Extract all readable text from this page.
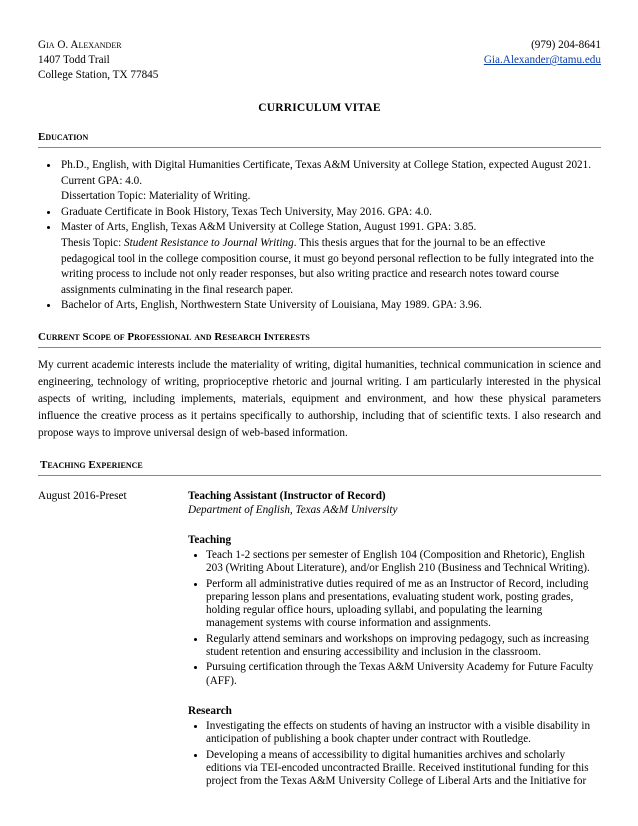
Gia O. Alexander	(979) 204-8641
1407 Todd Trail	Gia.Alexander@tamu.edu
College Station, TX 77845
CURRICULUM VITAE
Education
• Ph.D., English, with Digital Humanities Certificate, Texas A&M University at College Station, expected August 2021. Current GPA: 4.0.
Dissertation Topic: Materiality of Writing.
• Graduate Certificate in Book History, Texas Tech University, May 2016. GPA: 4.0.
• Master of Arts, English, Texas A&M University at College Station, August 1991. GPA: 3.85.
Thesis Topic: Student Resistance to Journal Writing. This thesis argues that for the journal to be an effective pedagogical tool in the college composition course, it must go beyond personal reflection to be fully integrated into the writing process to include not only reader responses, but also writing practice and research notes toward course assignments culminating in the final research paper.
• Bachelor of Arts, English, Northwestern State University of Louisiana, May 1989. GPA: 3.96.
Current Scope of Professional and Research Interests
My current academic interests include the materiality of writing, digital humanities, technical communication in science and engineering, technology of writing, proprioceptive rhetoric and journal writing. I am particularly interested in the physical aspects of writing, including implements, materials, equipment and environment, and how these physical parameters influence the creative process as it pertains specifically to authorship, including that of scientific texts. I also research and propose ways to improve universal design of web-based information.
Teaching Experience
August 2016-Preset	Teaching Assistant (Instructor of Record)
Department of English, Texas A&M University
Teaching
• Teach 1-2 sections per semester of English 104 (Composition and Rhetoric), English 203 (Writing About Literature), and/or English 210 (Business and Technical Writing).
• Perform all administrative duties required of me as an Instructor of Record, including preparing lesson plans and presentations, evaluating student work, posting grades, holding regular office hours, uploading syllabi, and populating the learning management systems with course information and assignments.
• Regularly attend seminars and workshops on improving pedagogy, such as increasing student retention and ensuring accessibility and inclusion in the classroom.
• Pursuing certification through the Texas A&M University Academy for Future Faculty (AFF).
Research
• Investigating the effects on students of having an instructor with a visible disability in anticipation of publishing a book chapter under contract with Routledge.
• Developing a means of accessibility to digital humanities archives and scholarly editions via TEI-encoded uncontracted Braille. Received institutional funding for this project from the Texas A&M University College of Liberal Arts and the Initiative for
